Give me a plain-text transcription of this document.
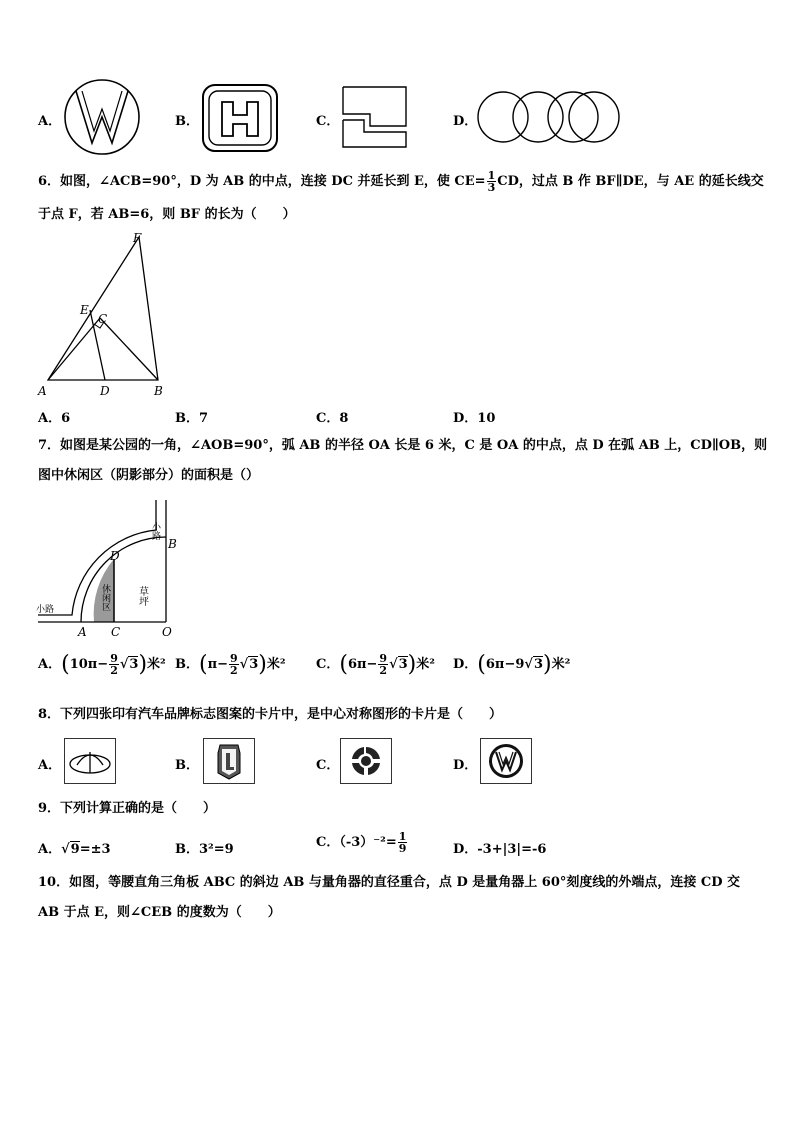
A．	B．	C．	D．
6．如图，∠ACB=90°，D 为 AB 的中点，连接 DC 并延长到 E，使 $CE= \frac{1}{3}$ CD，过点 B 作 BF∥DE，与 AE 的延长线交
于点 F，若 AB=6，则 BF 的长为（　　）
F
E
C
A	D	B
A．6	B．7	C．8	D．10
7．如图是某公园的一角，∠AOB=90°，弧 AB 的半径 OA 长是 6 米，C 是 OA 的中点，点 D 在弧 AB 上，CD∥OB，则
图中休闲区（阴影部分）的面积是（）
小路
小路	休闲区	草坪
A C	O
D
B
A．$(10\pi- \frac{9}{2} √3)$米² B．$(\pi- \frac{9}{2} √3)$米² C．$(6\pi- \frac{9}{2} √3)$米² D．(6π−9√3)米²
8．下列四张印有汽车品牌标志图案的卡片中，是中心对称图形的卡片是（　　）
A．	B．	C．	D．
9．下列计算正确的是（　　）
A．√9=±3	B．3²=9	C．$(-3)^{-2}= \frac{1}{9}$	D．-3+|3|=-6
10．如图，等腰直角三角板 ABC 的斜边 AB 与量角器的直径重合，点 D 是量角器上 60°刻度线的外端点，连接 CD 交
AB 于点 E，则∠CEB 的度数为（　　）
